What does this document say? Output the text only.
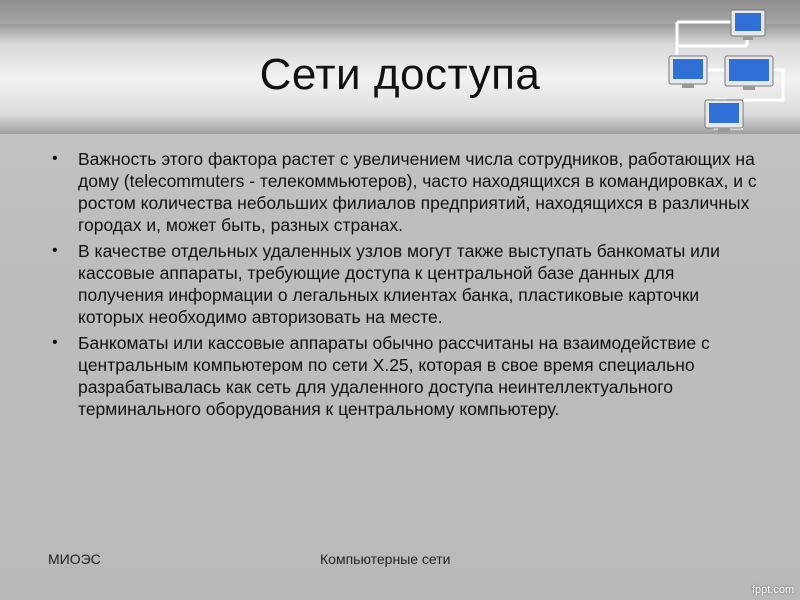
Сети доступа
• Важность этого фактора растет с увеличением числа сотрудников, работающих на дому (telecommuters - телекоммьютеров), часто находящихся в командировках, и с ростом количества небольших филиалов предприятий, находящихся в различных городах и, может быть, разных странах.
• В качестве отдельных удаленных узлов могут также выступать банкоматы или кассовые аппараты, требующие доступа к центральной базе данных для получения информации о легальных клиентах банка, пластиковые карточки которых необходимо авторизовать на месте.
• Банкоматы или кассовые аппараты обычно рассчитаны на взаимодействие с центральным компьютером по сети X.25, которая в свое время специально разрабатывалась как сеть для удаленного доступа неинтеллектуального терминального оборудования к центральному компьютеру.
МИОЭС	Компьютерные сети
fppt.com
